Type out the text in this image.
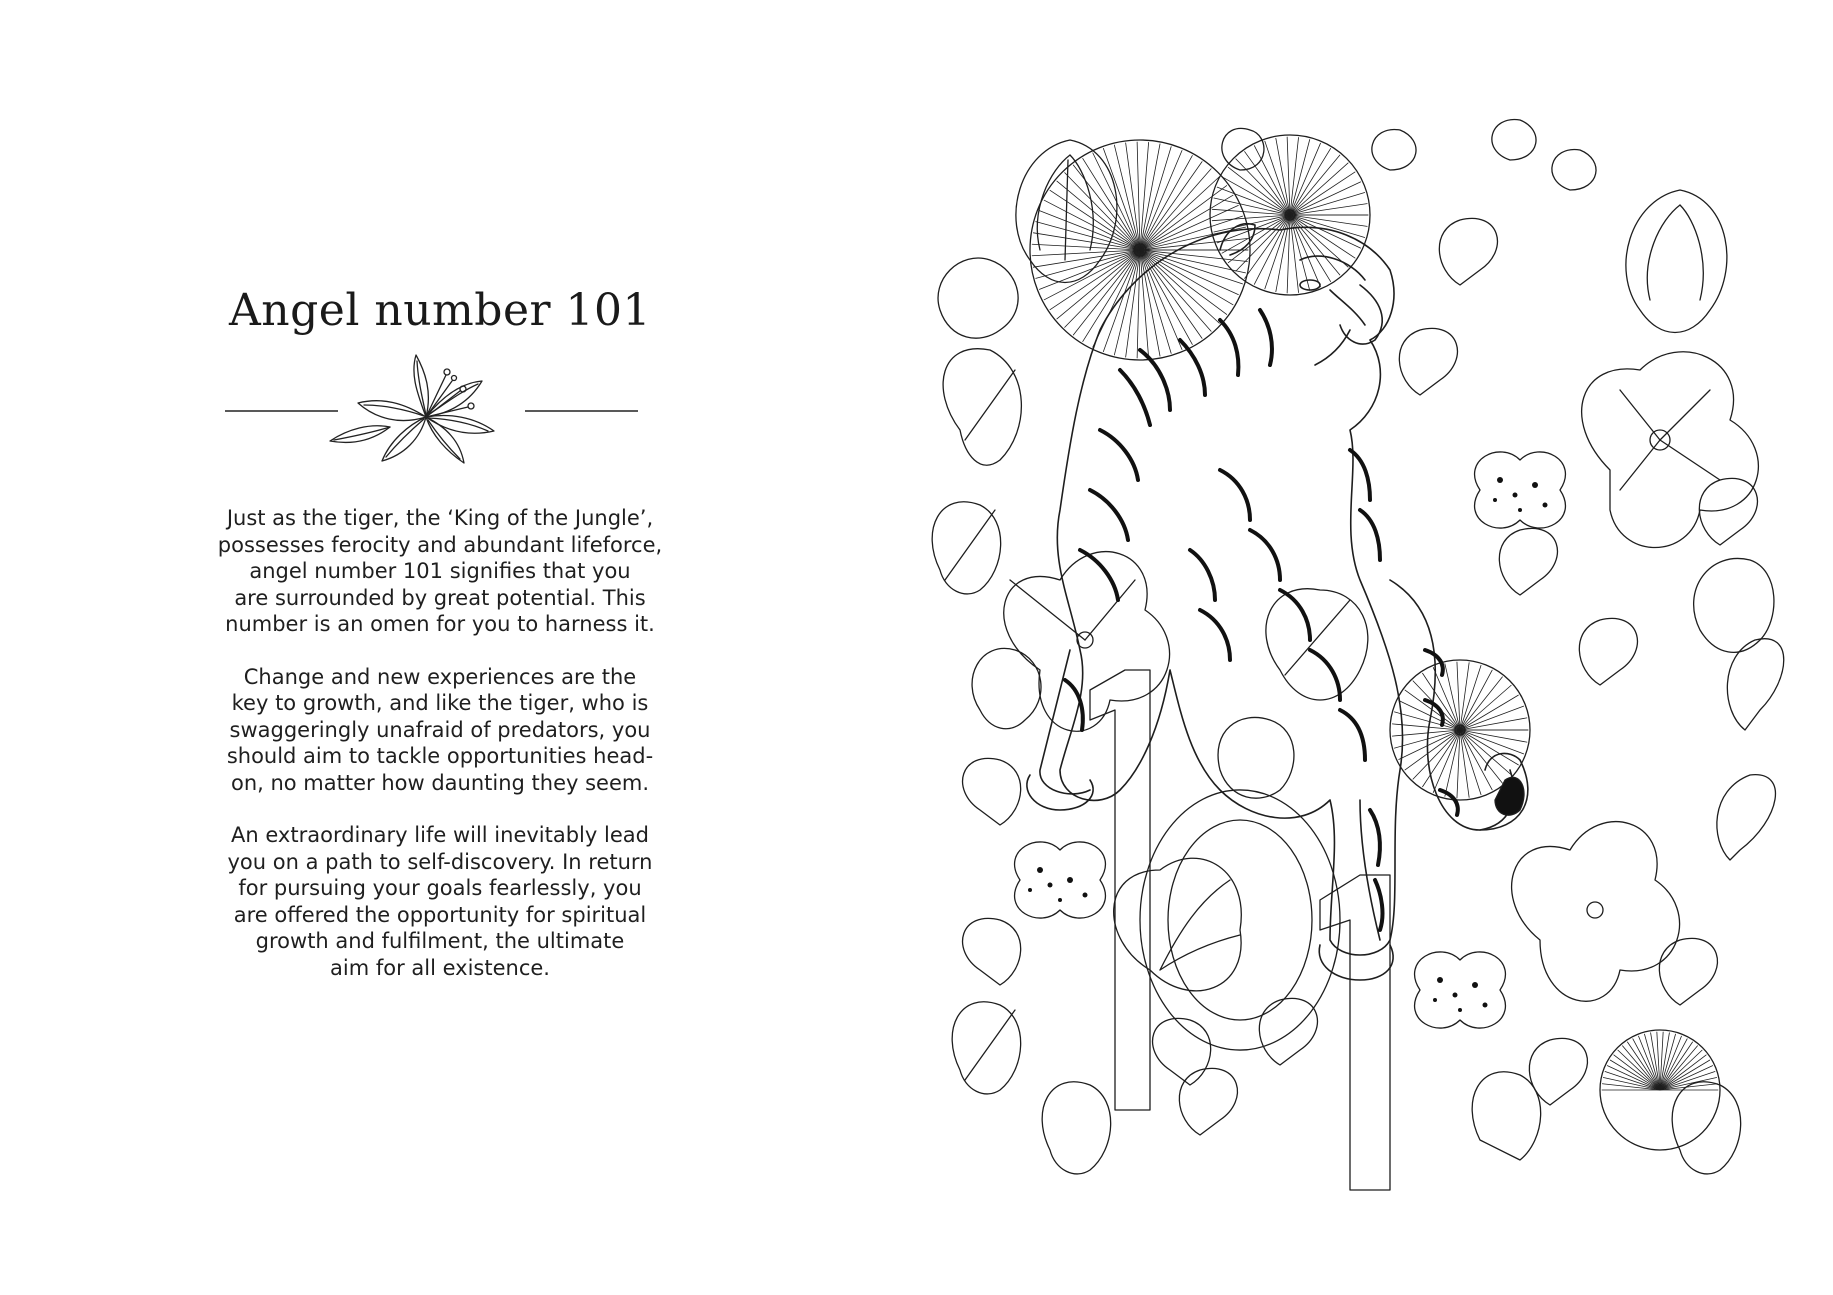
Angel number 101

Just as the tiger, the ‘King of the Jungle’,
possesses ferocity and abundant lifeforce,
angel number 101 signifies that you
are surrounded by great potential. This
number is an omen for you to harness it.

Change and new experiences are the
key to growth, and like the tiger, who is
swaggeringly unafraid of predators, you
should aim to tackle opportunities head-
on, no matter how daunting they seem.

An extraordinary life will inevitably lead
you on a path to self-discovery. In return
for pursuing your goals fearlessly, you
are offered the opportunity for spiritual
growth and fulfilment, the ultimate
aim for all existence.
